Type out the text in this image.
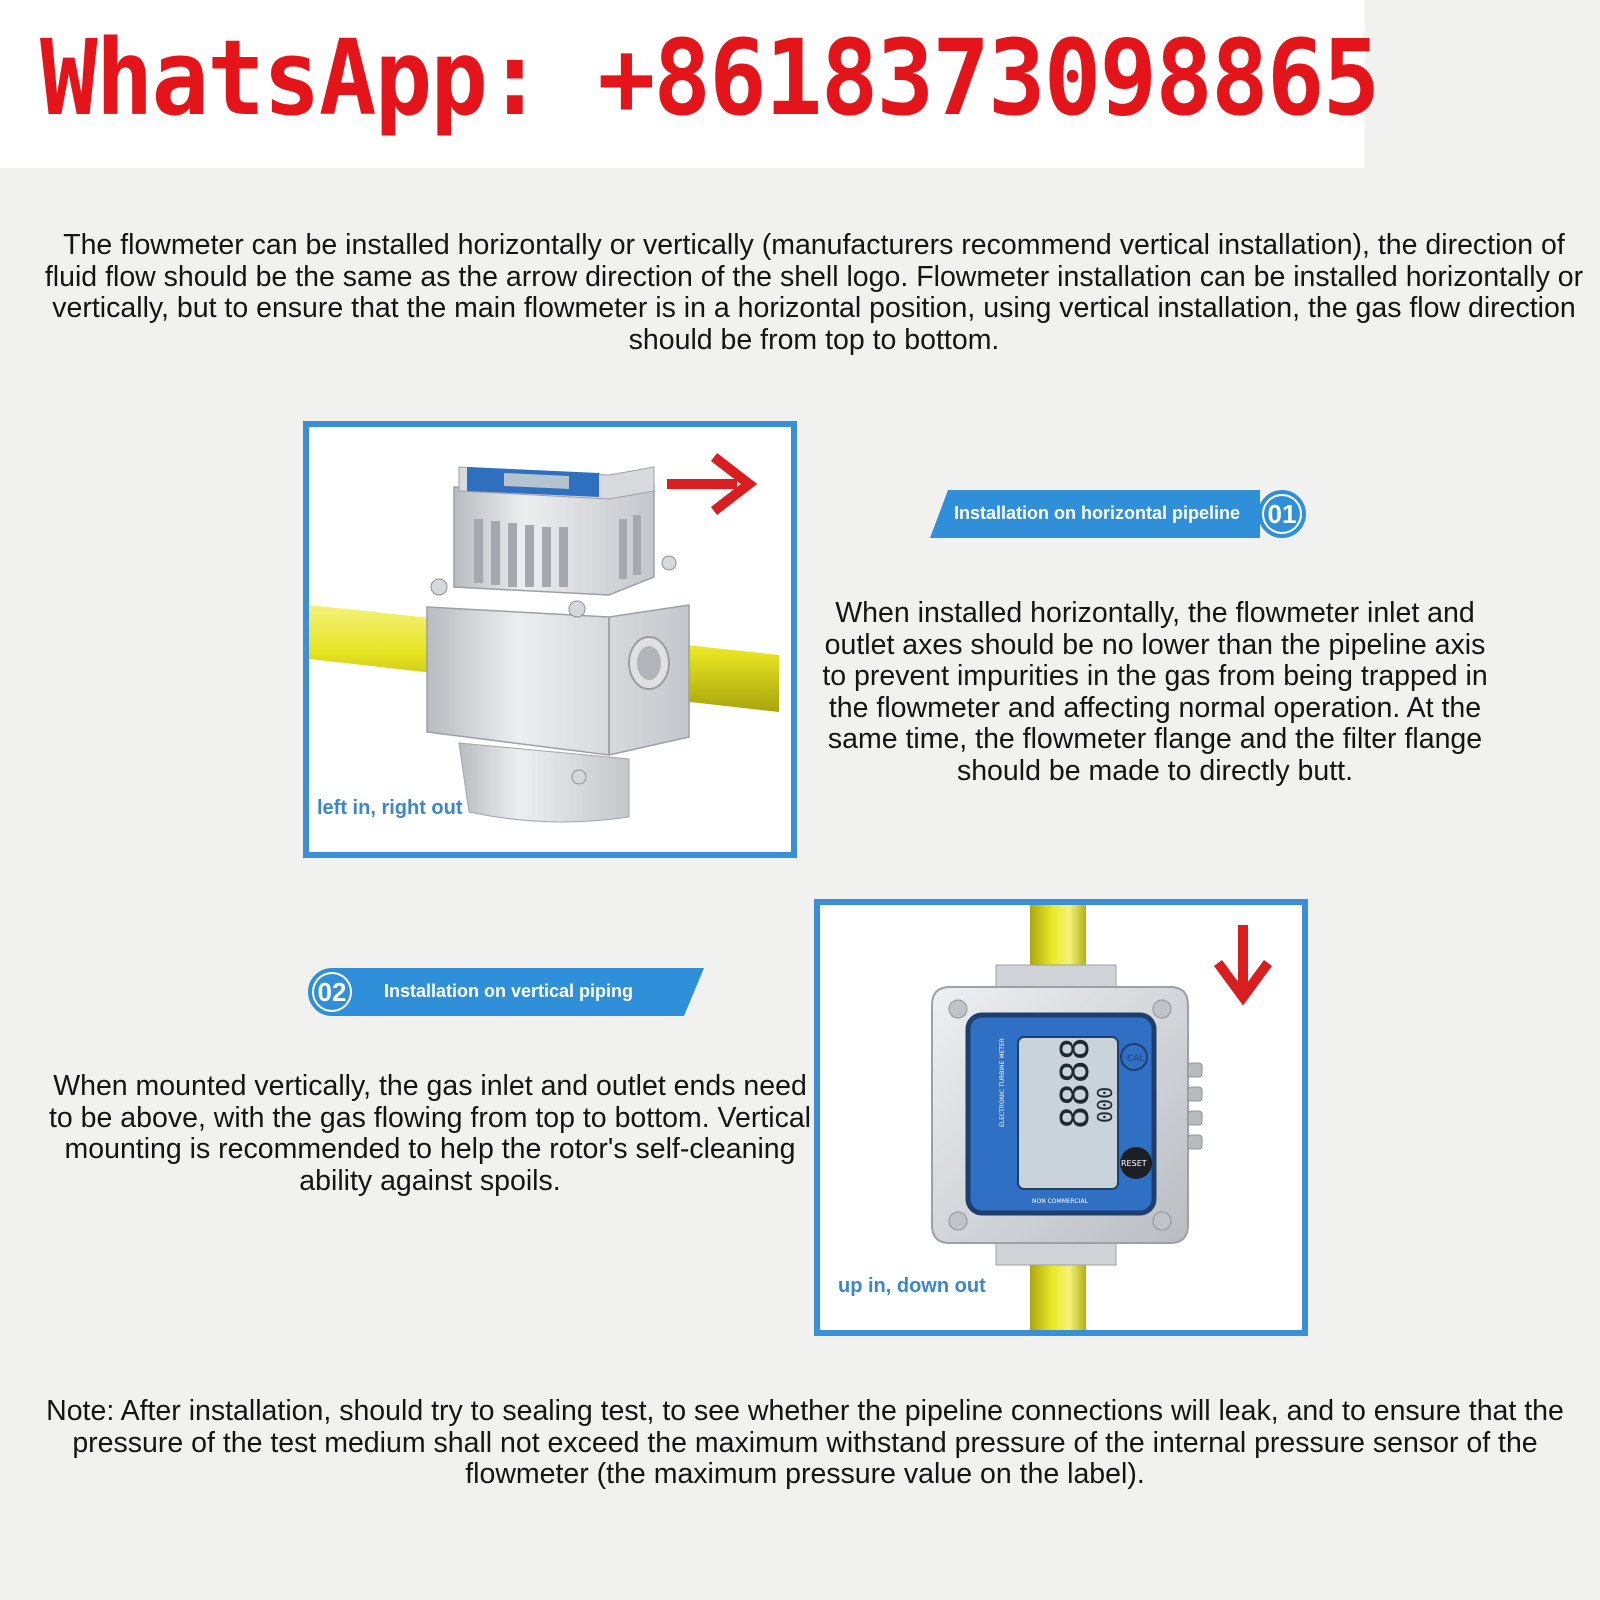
WhatsApp: +8618373098865
The flowmeter can be installed horizontally or vertically (manufacturers recommend vertical installation), the direction of fluid flow should be the same as the arrow direction of the shell logo. Flowmeter installation can be installed horizontally or vertically, but to ensure that the main flowmeter is in a horizontal position, using vertical installation, the gas flow direction should be from top to bottom.
left in, right out
Installation on horizontal pipeline 01
When installed horizontally, the flowmeter inlet and outlet axes should be no lower than the pipeline axis to prevent impurities in the gas from being trapped in the flowmeter and affecting normal operation. At the same time, the flowmeter flange and the filter flange should be made to directly butt.
02 Installation on vertical piping
When mounted vertically, the gas inlet and outlet ends need to be above, with the gas flowing from top to bottom. Vertical mounting is recommended to help the rotor's self-cleaning ability against spoils.
8888
000
ELECTRONIC TURBINE METER	CAL
RESET
NON COMMERCIAL
up in, down out
Note: After installation, should try to sealing test, to see whether the pipeline connections will leak, and to ensure that the pressure of the test medium shall not exceed the maximum withstand pressure of the internal pressure sensor of the flowmeter (the maximum pressure value on the label).
